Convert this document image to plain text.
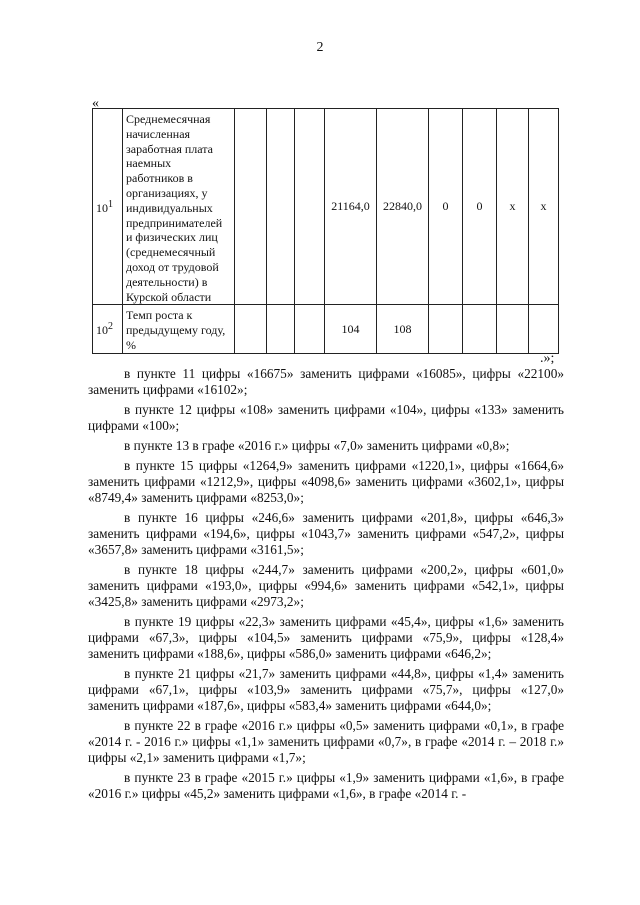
2
«
$10^1$	Среднемесячная начисленная заработная плата наемных работников в организациях, у индивидуальных предпринимателей и физических лиц (среднемесячный доход от трудовой деятельности) в Курской области				21164,0	22840,0	0	0	x	x
$10^2$	Темп роста к предыдущему году, %				104	108				
.»;

в пункте 11 цифры «16675» заменить цифрами «16085», цифры «22100» заменить цифрами «16102»;

в пункте 12 цифры «108» заменить цифрами «104», цифры «133» заменить цифрами «100»;

в пункте 13 в графе «2016 г.» цифры «7,0» заменить цифрами «0,8»;

в пункте 15 цифры «1264,9» заменить цифрами «1220,1», цифры «1664,6» заменить цифрами «1212,9», цифры «4098,6» заменить цифрами «3602,1», цифры «8749,4» заменить цифрами «8253,0»;

в пункте 16 цифры «246,6» заменить цифрами «201,8», цифры «646,3» заменить цифрами «194,6», цифры «1043,7» заменить цифрами «547,2», цифры «3657,8» заменить цифрами «3161,5»;

в пункте 18 цифры «244,7» заменить цифрами «200,2», цифры «601,0» заменить цифрами «193,0», цифры «994,6» заменить цифрами «542,1», цифры «3425,8» заменить цифрами «2973,2»;

в пункте 19 цифры «22,3» заменить цифрами «45,4», цифры «1,6» заменить цифрами «67,3», цифры «104,5» заменить цифрами «75,9», цифры «128,4» заменить цифрами «188,6», цифры «586,0» заменить цифрами «646,2»;

в пункте 21 цифры «21,7» заменить цифрами «44,8», цифры «1,4» заменить цифрами «67,1», цифры «103,9» заменить цифрами «75,7», цифры «127,0» заменить цифрами «187,6», цифры «583,4» заменить цифрами «644,0»;

в пункте 22 в графе «2016 г.» цифры «0,5» заменить цифрами «0,1», в графе «2014 г. - 2016 г.» цифры «1,1» заменить цифрами «0,7», в графе «2014 г. – 2018 г.» цифры «2,1» заменить цифрами «1,7»;

в пункте 23 в графе «2015 г.» цифры «1,9» заменить цифрами «1,6», в графе «2016 г.» цифры «45,2» заменить цифрами «1,6», в графе «2014 г. -
